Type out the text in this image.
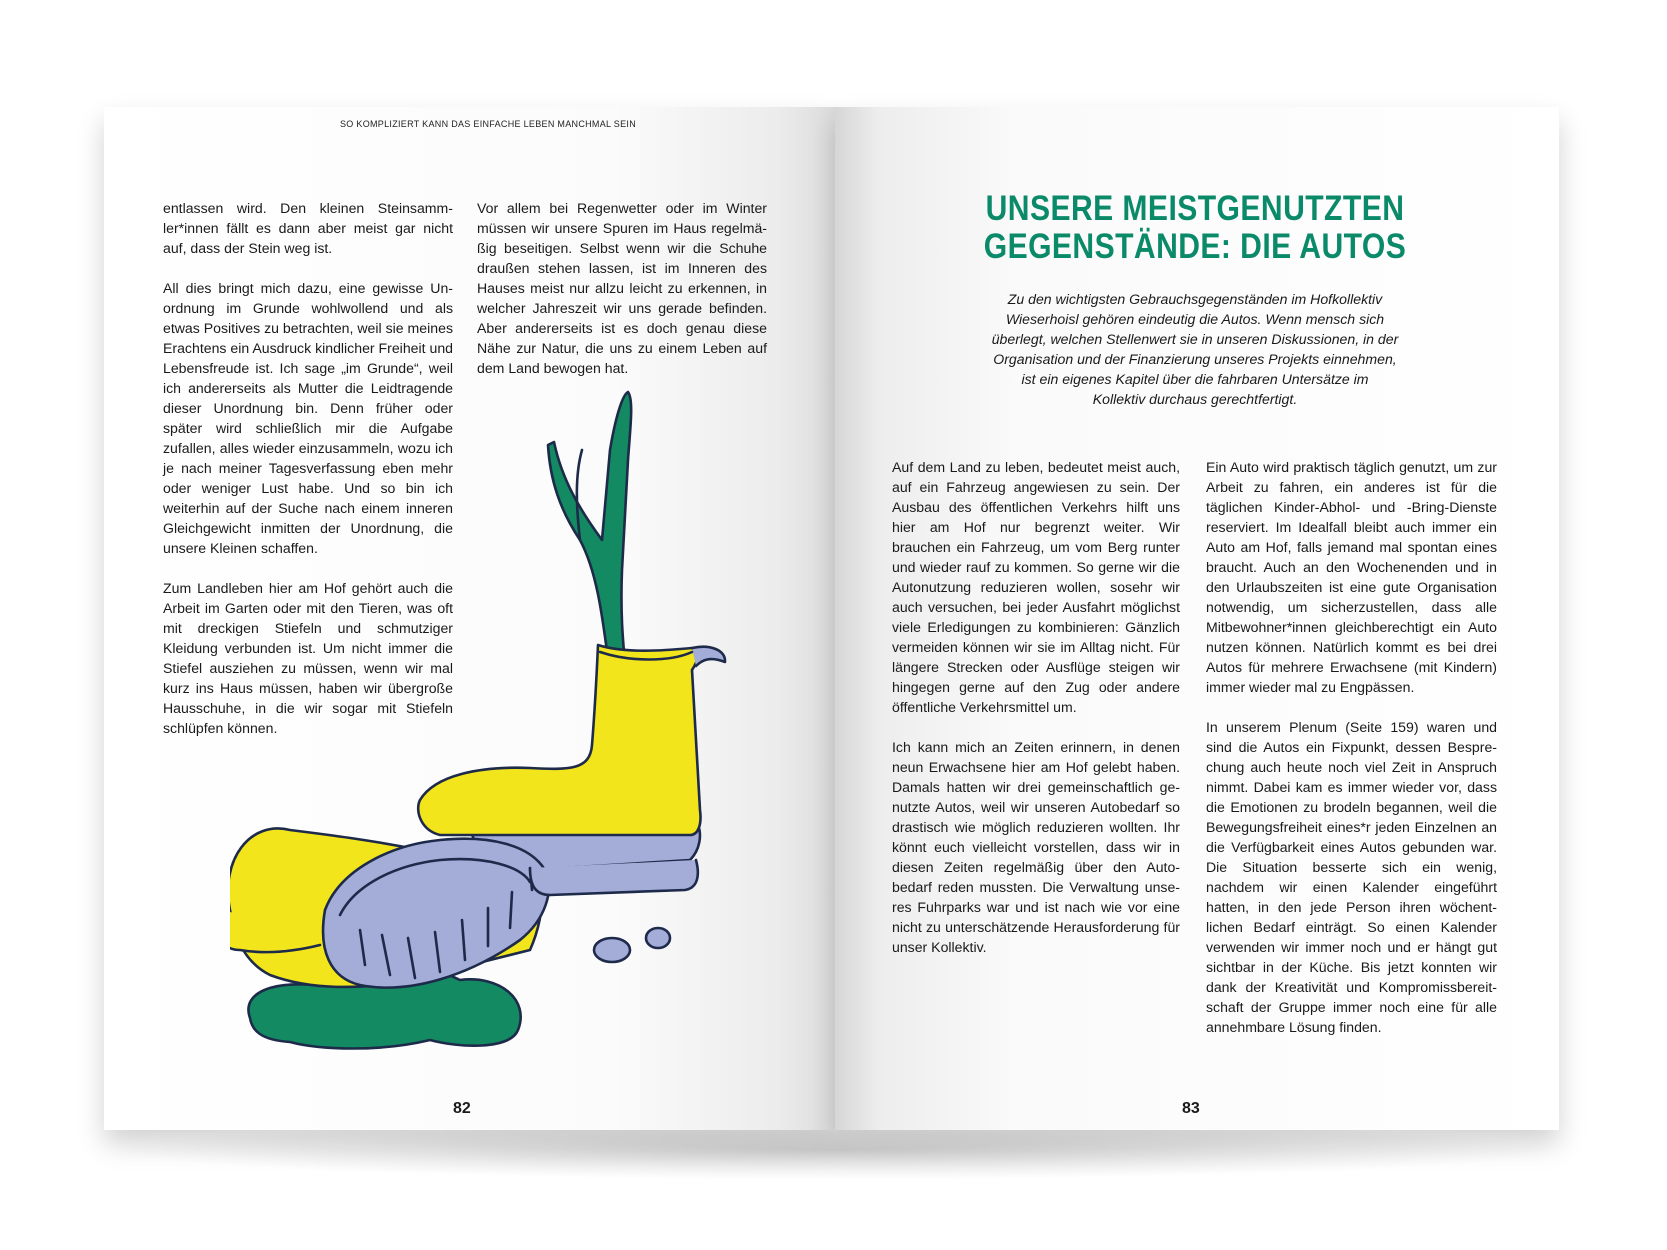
SO KOMPLIZIERT KANN DAS EINFACHE LEBEN MANCHMAL SEIN

entlassen wird. Den kleinen Steinsammler*innen fällt es dann aber meist gar nicht auf, dass der Stein weg ist.

All dies bringt mich dazu, eine gewisse Unordnung im Grunde wohlwollend und als etwas Positives zu betrachten, weil sie meines Erachtens ein Ausdruck kindlicher Freiheit und Lebensfreude ist. Ich sage „im Grunde“, weil ich andererseits als Mutter die Leidtragende dieser Unordnung bin. Denn früher oder später wird schließlich mir die Aufgabe zufallen, alles wieder einzusammeln, wozu ich je nach meiner Tagesverfassung eben mehr oder weniger Lust habe. Und so bin ich weiterhin auf der Suche nach einem inneren Gleichgewicht inmitten der Unordnung, die unsere Kleinen schaffen.

Zum Landleben hier am Hof gehört auch die Arbeit im Garten oder mit den Tieren, was oft mit dreckigen Stiefeln und schmutziger Kleidung verbunden ist. Um nicht immer die Stiefel ausziehen zu müssen, wenn wir mal kurz ins Haus müssen, haben wir übergroße Hausschuhe, in die wir sogar mit Stiefeln schlüpfen können.

Vor allem bei Regenwetter oder im Winter müssen wir unsere Spuren im Haus regelmäßig beseitigen. Selbst wenn wir die Schuhe draußen stehen lassen, ist im Inneren des Hauses meist nur allzu leicht zu erkennen, in welcher Jahreszeit wir uns gerade befinden. Aber andererseits ist es doch genau diese Nähe zur Natur, die uns zu einem Leben auf dem Land bewogen hat.

82
UNSERE MEISTGENUTZTEN
GEGENSTÄNDE: DIE AUTOS
Zu den wichtigsten Gebrauchsgegenständen im Hofkollektiv
Wieserhoisl gehören eindeutig die Autos. Wenn mensch sich
überlegt, welchen Stellenwert sie in unseren Diskussionen, in der
Organisation und der Finanzierung unseres Projekts einnehmen,
ist ein eigenes Kapitel über die fahrbaren Untersätze im
Kollektiv durchaus gerechtfertigt.

Auf dem Land zu leben, bedeutet meist auch, auf ein Fahrzeug angewiesen zu sein. Der Ausbau des öffentlichen Verkehrs hilft uns hier am Hof nur begrenzt weiter. Wir brauchen ein Fahrzeug, um vom Berg runter und wieder rauf zu kommen. So gerne wir die Autonutzung reduzieren wollen, sosehr wir auch versuchen, bei jeder Ausfahrt möglichst viele Erledigungen zu kombinieren: Gänzlich vermeiden können wir sie im Alltag nicht. Für längere Strecken oder Ausflüge steigen wir hingegen gerne auf den Zug oder andere öffentliche Verkehrsmittel um.

Ich kann mich an Zeiten erinnern, in denen neun Erwachsene hier am Hof gelebt haben. Damals hatten wir drei gemeinschaftlich genutzte Autos, weil wir unseren Autobedarf so drastisch wie möglich reduzieren wollten. Ihr könnt euch vielleicht vorstellen, dass wir in diesen Zeiten regelmäßig über den Autobedarf reden mussten. Die Verwaltung unseres Fuhrparks war und ist nach wie vor eine nicht zu unterschätzende Herausforderung für unser Kollektiv.

Ein Auto wird praktisch täglich genutzt, um zur Arbeit zu fahren, ein anderes ist für die täglichen Kinder-Abhol- und -Bring-Dienste reserviert. Im Idealfall bleibt auch immer ein Auto am Hof, falls jemand mal spontan eines braucht. Auch an den Wochenenden und in den Urlaubszeiten ist eine gute Organisation notwendig, um sicherzustellen, dass alle Mitbewohner*innen gleichberechtigt ein Auto nutzen können. Natürlich kommt es bei drei Autos für mehrere Erwachsene (mit Kindern) immer wieder mal zu Engpässen.

In unserem Plenum (Seite 159) waren und sind die Autos ein Fixpunkt, dessen Besprechung auch heute noch viel Zeit in Anspruch nimmt. Dabei kam es immer wieder vor, dass die Emotionen zu brodeln begannen, weil die Bewegungsfreiheit eines*r jeden Einzelnen an die Verfügbarkeit eines Autos gebunden war. Die Situation besserte sich ein wenig, nachdem wir einen Kalender eingeführt hatten, in den jede Person ihren wöchentlichen Bedarf einträgt. So einen Kalender verwenden wir immer noch und er hängt gut sichtbar in der Küche. Bis jetzt konnten wir dank der Kreativität und Kompromissbereitschaft der Gruppe immer noch eine für alle annehmbare Lösung finden.

83
